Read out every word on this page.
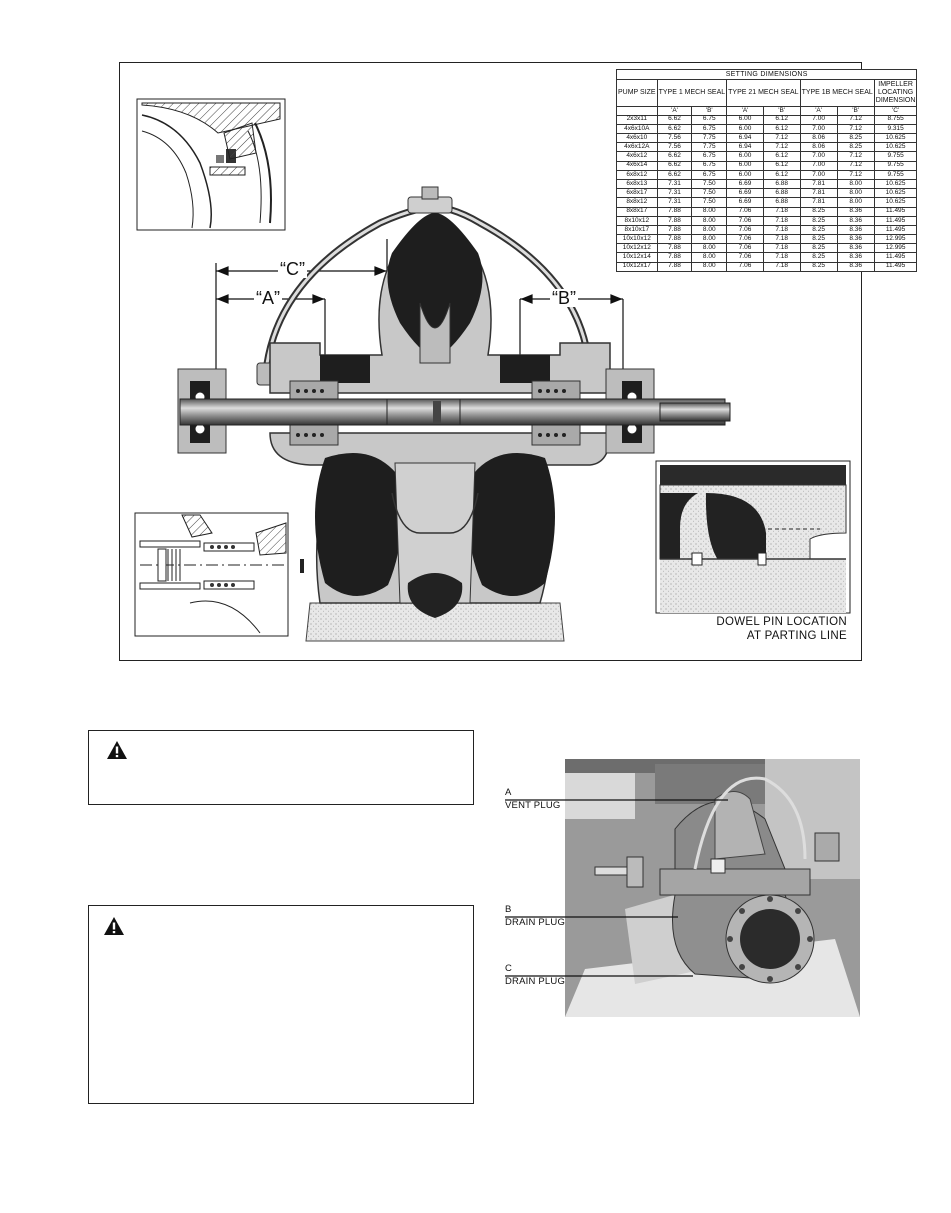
SETTING DIMENSIONS							
PUMP SIZE	TYPE 1 MECH SEAL		TYPE 21 MECH SEAL		TYPE 1B MECH SEAL		IMPELLER LOCATING DIMENSION
	'A'	'B'	'A'	'B'	'A'	'B'	'C'
2x3x11	6.62	6.75	6.00	6.12	7.00	7.12	8.755
4x6x10A	6.62	6.75	6.00	6.12	7.00	7.12	9.315
4x6x10	7.56	7.75	6.94	7.12	8.06	8.25	10.625
4x6x12A	7.56	7.75	6.94	7.12	8.06	8.25	10.625
4x6x12	6.62	6.75	6.00	6.12	7.00	7.12	9.755
4x6x14	6.62	6.75	6.00	6.12	7.00	7.12	9.755
6x8x12	6.62	6.75	6.00	6.12	7.00	7.12	9.755
6x8x13	7.31	7.50	6.69	6.88	7.81	8.00	10.625
6x8x17	7.31	7.50	6.69	6.88	7.81	8.00	10.625
8x8x12	7.31	7.50	6.69	6.88	7.81	8.00	10.625
8x8x17	7.88	8.00	7.06	7.18	8.25	8.36	11.495
8x10x12	7.88	8.00	7.06	7.18	8.25	8.36	11.495
8x10x17	7.88	8.00	7.06	7.18	8.25	8.36	11.495
10x10x12	7.88	8.00	7.06	7.18	8.25	8.36	12.995
10x12x12	7.88	8.00	7.06	7.18	8.25	8.36	12.995
10x12x14	7.88	8.00	7.06	7.18	8.25	8.36	11.495
10x12x17	7.88	8.00	7.06	7.18	8.25	8.36	11.495
“C”
“A”	“B”
DOWEL PIN LOCATION
AT PARTING LINE
A
VENT PLUG
B
DRAIN PLUG
C
DRAIN PLUG
